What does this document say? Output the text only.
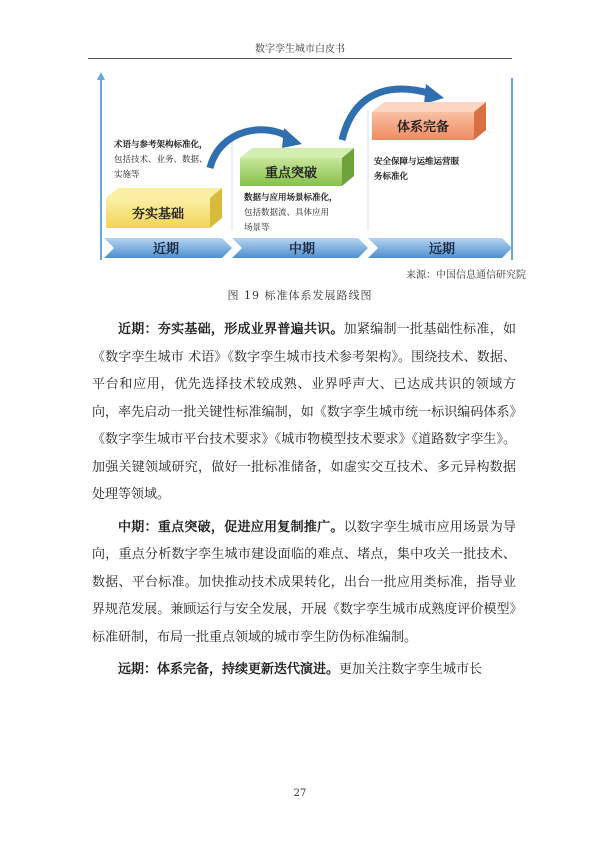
数字孪生城市白皮书
夯实基础
重点突破
体系完备
术语与参考架构标准化， 包括技术、业务、数据、 实施等
数据与应用场景标准化， 包括数据流、具体应用 场景等
安全保障与运维运营服 务标准化
近期	中期	远期
来源：中国信息通信研究院
图 19 标准体系发展路线图

近期：夯实基础，形成业界普遍共识。加紧编制一批基础性标准，如《数字孪生城市 术语》《数字孪生城市技术参考架构》。围绕技术、数据、平台和应用，优先选择技术较成熟、业界呼声大、已达成共识的领域方向，率先启动一批关键性标准编制，如《数字孪生城市统一标识编码体系》《数字孪生城市平台技术要求》《城市物模型技术要求》《道路数字孪生》。加强关键领域研究，做好一批标准储备，如虚实交互技术、多元异构数据处理等领域。

中期：重点突破，促进应用复制推广。以数字孪生城市应用场景为导向，重点分析数字孪生城市建设面临的难点、堵点，集中攻关一批技术、数据、平台标准。加快推动技术成果转化，出台一批应用类标准，指导业界规范发展。兼顾运行与安全发展，开展《数字孪生城市成熟度评价模型》标准研制，布局一批重点领域的城市孪生防伪标准编制。

远期：体系完备，持续更新迭代演进。更加关注数字孪生城市长

27
